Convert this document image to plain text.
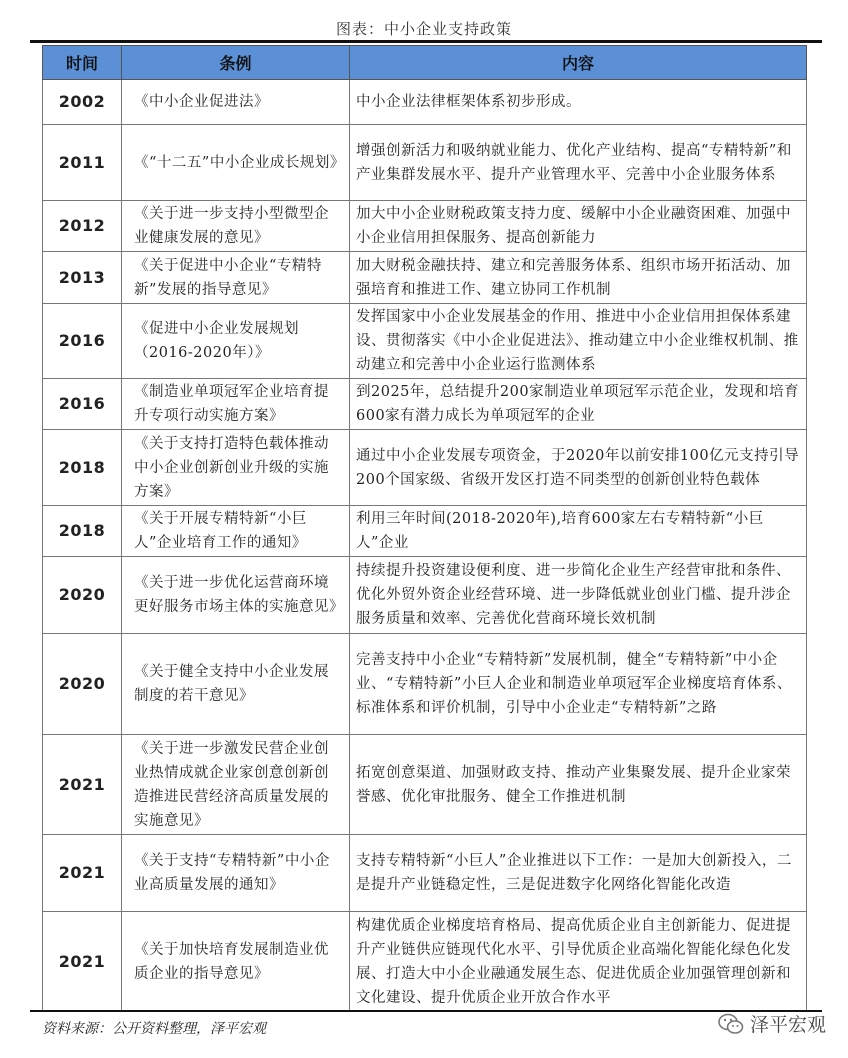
图表：中小企业支持政策
时间	条例	内容
2002	《中小企业促进法》	中小企业法律框架体系初步形成。
2011	《“十二五”中小企业成长规划》	增强创新活力和吸纳就业能力、优化产业结构、提高“专精特新”和产业集群发展水平、提升产业管理水平、完善中小企业服务体系
2012	《关于进一步支持小型微型企业健康发展的意见》	加大中小企业财税政策支持力度、缓解中小企业融资困难、加强中小企业信用担保服务、提高创新能力
2013	《关于促进中小企业“专精特新”发展的指导意见》	加大财税金融扶持、建立和完善服务体系、组织市场开拓活动、加强培育和推进工作、建立协同工作机制
2016	《促进中小企业发展规划（2016-2020年）》	发挥国家中小企业发展基金的作用、推进中小企业信用担保体系建设、贯彻落实《中小企业促进法》、推动建立中小企业维权机制、推动建立和完善中小企业运行监测体系
2016	《制造业单项冠军企业培育提升专项行动实施方案》	到2025年，总结提升200家制造业单项冠军示范企业，发现和培育600家有潜力成长为单项冠军的企业
2018	《关于支持打造特色载体推动中小企业创新创业升级的实施方案》	通过中小企业发展专项资金，于2020年以前安排100亿元支持引导200个国家级、省级开发区打造不同类型的创新创业特色载体
2018	《关于开展专精特新“小巨人”企业培育工作的通知》	利用三年时间(2018-2020年),培育600家左右专精特新“小巨人”企业
2020	《关于进一步优化运营商环境 更好服务市场主体的实施意见》	持续提升投资建设便利度、进一步简化企业生产经营审批和条件、优化外贸外资企业经营环境、进一步降低就业创业门槛、提升涉企服务质量和效率、完善优化营商环境长效机制
2020	《关于健全支持中小企业发展制度的若干意见》	完善支持中小企业“专精特新”发展机制，健全“专精特新”中小企业、“专精特新”小巨人企业和制造业单项冠军企业梯度培育体系、标准体系和评价机制，引导中小企业走“专精特新”之路
2021	《关于进一步激发民营企业创业热情成就企业家创意创新创造推进民营经济高质量发展的实施意见》	拓宽创意渠道、加强财政支持、推动产业集聚发展、提升企业家荣誉感、优化审批服务、健全工作推进机制
2021	《关于支持“专精特新”中小企业高质量发展的通知》	支持专精特新“小巨人”企业推进以下工作：一是加大创新投入，二是提升产业链稳定性，三是促进数字化网络化智能化改造
2021	《关于加快培育发展制造业优质企业的指导意见》	构建优质企业梯度培育格局、提高优质企业自主创新能力、促进提升产业链供应链现代化水平、引导优质企业高端化智能化绿色化发展、打造大中小企业融通发展生态、促进优质企业加强管理创新和文化建设、提升优质企业开放合作水平
资料来源：公开资料整理，泽平宏观	泽平宏观
